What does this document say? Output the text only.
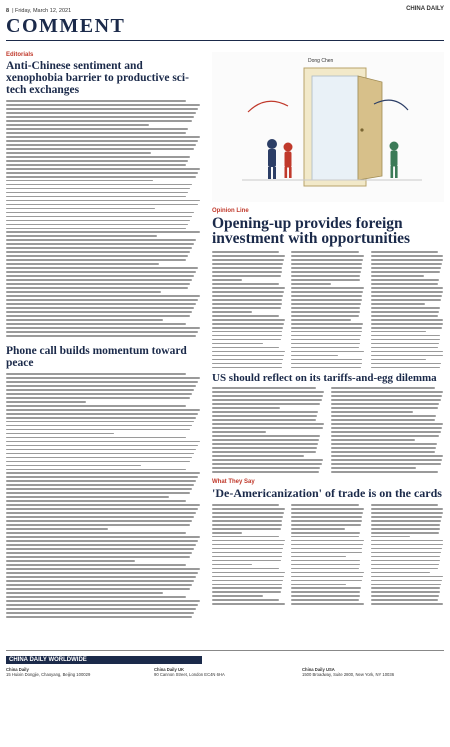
8 | Friday, March 12, 2021	CHINA DAILY
COMMENT
Editorials
Anti-Chinese sentiment and xenophobia barrier to productive sci-tech exchanges
Phone call builds momentum toward peace
Dong Chen
Opinion Line
Opening-up provides foreign investment with opportunities
US should reflect on its tariffs-and-egg dilemma
What They Say
'De-Americanization' of trade is on the cards
CHINA DAILY WORLDWIDE
China Daily
15 Huixin Dongjie, Chaoyang, Beijing 100029
China Daily UK
90 Cannon Street, London EC4N 6HA
China Daily USA
1500 Broadway, Suite 2800, New York, NY 10036
